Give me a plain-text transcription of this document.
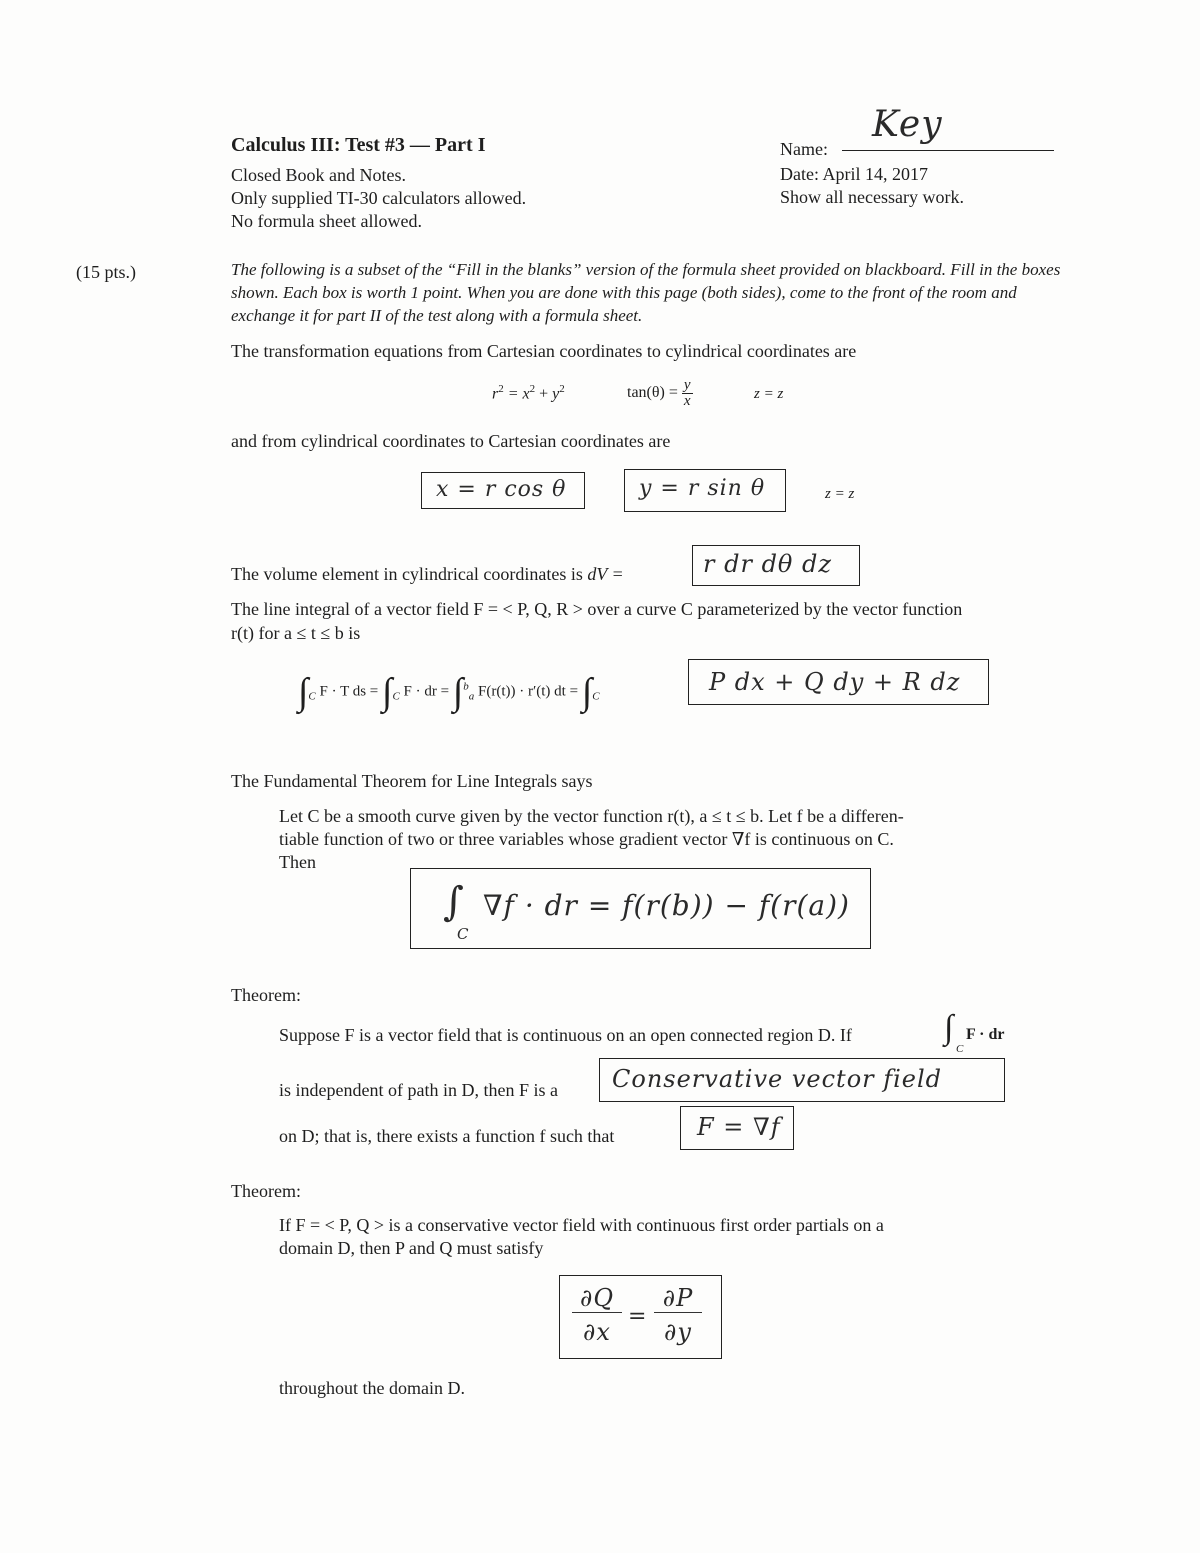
Calculus III: Test #3 — Part I
Closed Book and Notes.
Only supplied TI-30 calculators allowed.
No formula sheet allowed.
Name:
Key
Date: April 14, 2017
Show all necessary work.
(15 pts.)	The following is a subset of the “Fill in the blanks” version of the formula sheet provided on blackboard. Fill in the boxes shown. Each box is worth 1 point. When you are done with this page (both sides), come to the front of the room and exchange it for part II of the test along with a formula sheet.
The transformation equations from Cartesian coordinates to cylindrical coordinates are
$r^2 = x^2 + y^2$	$\tan(\theta) = \frac{y}{x}$	z = z
and from cylindrical coordinates to Cartesian coordinates are
x = r cos θ	y = r sin θ	z = z
The volume element in cylindrical coordinates is dV =	r dr dθ dz
The line integral of a vector field F = < P, Q, R > over a curve C parameterized by the vector function
r(t) for a ≤ t ≤ b is
$\int_C$ F · T ds = $\int_C$ F · dr = ∫$^b_a$ F(r(t)) · r′(t) dt = $\int_C$
P dx + Q dy + R dz
The Fundamental Theorem for Line Integrals says
Let C be a smooth curve given by the vector function r(t), a ≤ t ≤ b. Let f be a differen-
tiable function of two or three variables whose gradient vector ∇f is continuous on C.
Then
∫
C
∇f · dr = f(r(b)) − f(r(a))
Theorem:
Suppose F is a vector field that is continuous on an open connected region D. If	∫
C
F · dr
is independent of path in D, then F is a Conservative vector field
on D; that is, there exists a function f such that	F = ∇f
Theorem:
If F = < P, Q > is a conservative vector field with continuous first order partials on a
domain D, then P and Q must satisfy
∂Q
∂x
=
∂P
∂y
throughout the domain D.
